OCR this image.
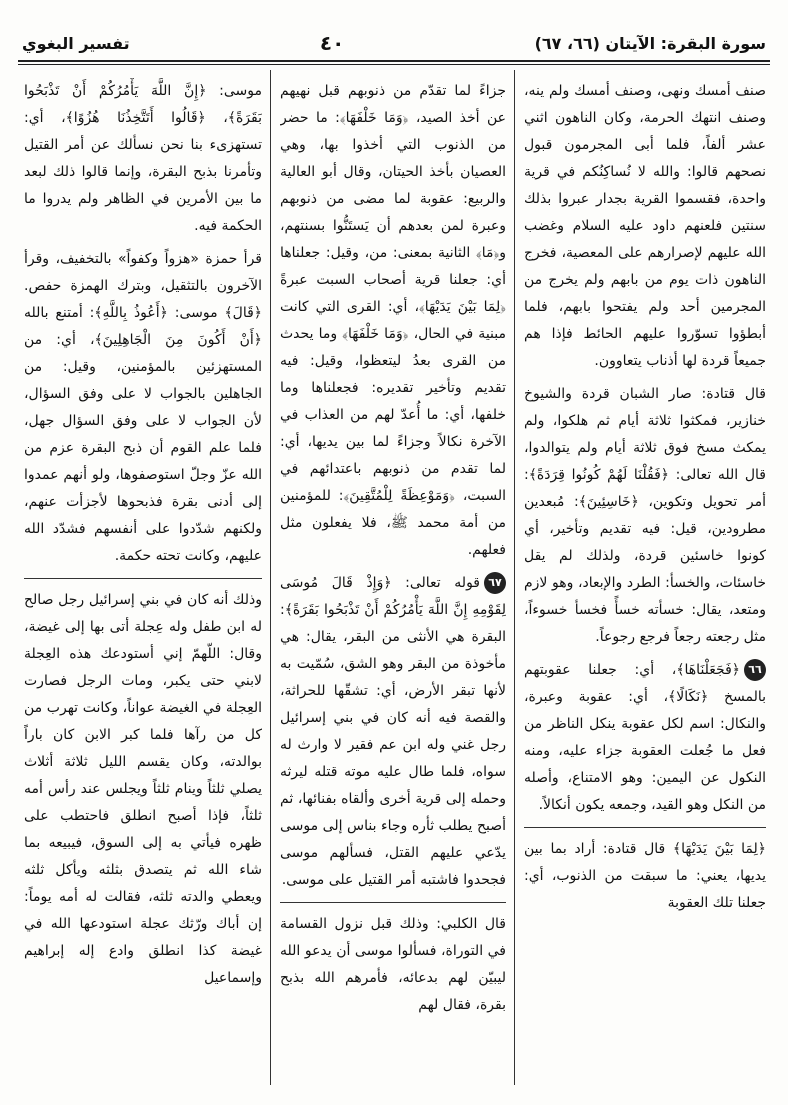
سورة البقرة: الآيتان (٦٦، ٦٧)
٤٠
تفسير البغوي

صنف أمسك ونهى، وصنف أمسك ولم ينه، وصنف انتهك الحرمة، وكان الناهون اثني عشر ألفاً، فلما أبى المجرمون قبول نصحهم قالوا: والله لا نُساكِنُكم في قرية واحدة، فقسموا القرية بجدار عبروا بذلك سنتين فلعنهم داود عليه السلام وغضب الله عليهم لإصرارهم على المعصية، فخرج الناهون ذات يوم من بابهم ولم يخرج من المجرمين أحد ولم يفتحوا بابهم، فلما أبطؤوا تسوّروا عليهم الحائط فإذا هم جميعاً قردة لها أذناب يتعاوون.

قال قتادة: صار الشبان قردة والشيوخ خنازير، فمكثوا ثلاثة أيام ثم هلكوا، ولم يمكث مسخ فوق ثلاثة أيام ولم يتوالدوا، قال الله تعالى: ﴿فَقُلْنَا لَهُمْ كُونُوا قِرَدَةً﴾: أمر تحويل وتكوين، ﴿خَاسِئِينَ﴾: مُبعدين مطرودين، قيل: فيه تقديم وتأخير، أي كونوا خاسئين قردة، ولذلك لم يقل خاسئات، والخسأ: الطرد والإبعاد، وهو لازم ومتعد، يقال: خسأته خسأً فخسأ خسوءاً، مثل رجعته رجعاً فرجع رجوعاً.

٦٦﴿فَجَعَلْنَاهَا﴾، أي: جعلنا عقوبتهم بالمسخ ﴿نَكَالًا﴾، أي: عقوبة وعبرة، والنكال: اسم لكل عقوبة ينكل الناظر من فعل ما جُعلت العقوبة جزاء عليه، ومنه النكول عن اليمين: وهو الامتناع، وأصله من النكل وهو القيد، وجمعه يكون أنكالاً.

﴿لِمَا بَيْنَ يَدَيْهَا﴾ قال قتادة: أراد بما بين يديها، يعني: ما سبقت من الذنوب، أي: جعلنا تلك العقوبة

جزاءً لما تقدّم من ذنوبهم قبل نهيهم عن أخذ الصيد، ﴿وَمَا خَلْفَهَا﴾: ما حضر من الذنوب التي أخذوا بها، وهي العصيان بأخذ الحيتان، وقال أبو العالية والربيع: عقوبة لما مضى من ذنوبهم وعبرة لمن بعدهم أن يَستَنُّوا بسنتهم، و﴿مَا﴾ الثانية بمعنى: من، وقيل: جعلناها أي: جعلنا قرية أصحاب السبت عبرةً ﴿لِمَا بَيْنَ يَدَيْهَا﴾، أي: القرى التي كانت مبنية في الحال، ﴿وَمَا خَلْفَهَا﴾ وما يحدث من القرى بعدُ ليتعظوا، وقيل: فيه تقديم وتأخير تقديره: فجعلناها وما خلفها، أي: ما أُعدّ لهم من العذاب في الآخرة نكالاً وجزاءً لما بين يديها، أي: لما تقدم من ذنوبهم باعتدائهم في السبت، ﴿وَمَوْعِظَةً لِلْمُتَّقِينَ﴾: للمؤمنين من أمة محمد ﷺ، فلا يفعلون مثل فعلهم.

٦٧قوله تعالى: ﴿وَإِذْ قَالَ مُوسَى لِقَوْمِهِ إِنَّ اللَّهَ يَأْمُرُكُمْ أَنْ تَذْبَحُوا بَقَرَةً﴾: البقرة هي الأنثى من البقر، يقال: هي مأخوذة من البقر وهو الشق، سُمّيت به لأنها تبقر الأرض، أي: تشقّها للحراثة، والقصة فيه أنه كان في بني إسرائيل رجل غني وله ابن عم فقير لا وارث له سواه، فلما طال عليه موته قتله ليرثه وحمله إلى قرية أخرى وألقاه بفنائها، ثم أصبح يطلب ثأره وجاء بناس إلى موسى يدّعي عليهم القتل، فسألهم موسى فجحدوا فاشتبه أمر القتيل على موسى.

قال الكلبي: وذلك قبل نزول القسامة في التوراة، فسألوا موسى أن يدعو الله ليبيّن لهم بدعائه، فأمرهم الله بذبح بقرة، فقال لهم

موسى: ﴿إِنَّ اللَّهَ يَأْمُرُكُمْ أَنْ تَذْبَحُوا بَقَرَةً﴾، ﴿قَالُوا أَتَتَّخِذُنَا هُزُوًا﴾، أي: تستهزىء بنا نحن نسألك عن أمر القتيل وتأمرنا بذبح البقرة، وإنما قالوا ذلك لبعد ما بين الأمرين في الظاهر ولم يدروا ما الحكمة فيه.

قرأ حمزة «هزواً وكفواً» بالتخفيف، وقرأ الآخرون بالتثقيل، وبترك الهمزة حفص. ﴿قَالَ﴾ موسى: ﴿أَعُوذُ بِاللَّهِ﴾: أمتنع بالله ﴿أَنْ أَكُونَ مِنَ الْجَاهِلِينَ﴾، أي: من المستهزئين بالمؤمنين، وقيل: من الجاهلين بالجواب لا على وفق السؤال، لأن الجواب لا على وفق السؤال جهل، فلما علم القوم أن ذبح البقرة عزم من الله عزّ وجلّ استوصفوها، ولو أنهم عمدوا إلى أدنى بقرة فذبحوها لأجزأت عنهم، ولكنهم شدّدوا على أنفسهم فشدّد الله عليهم، وكانت تحته حكمة.

وذلك أنه كان في بني إسرائيل رجل صالح له ابن طفل وله عِجلة أتى بها إلى غيضة، وقال: اللّهمّ إني أستودعك هذه العِجلة لابني حتى يكبر، ومات الرجل فصارت العِجلة في الغيضة عواناً، وكانت تهرب من كل من رآها فلما كبر الابن كان باراً بوالدته، وكان يقسم الليل ثلاثة أثلاث يصلي ثلثاً وينام ثلثاً ويجلس عند رأس أمه ثلثاً، فإذا أصبح انطلق فاحتطب على ظهره فيأتي به إلى السوق، فيبيعه بما شاء الله ثم يتصدق بثلثه ويأكل ثلثه ويعطي والدته ثلثه، فقالت له أمه يوماً: إن أباك ورّثك عجلة استودعها الله في غيضة كذا انطلق وادع إله إبراهيم وإسماعيل
